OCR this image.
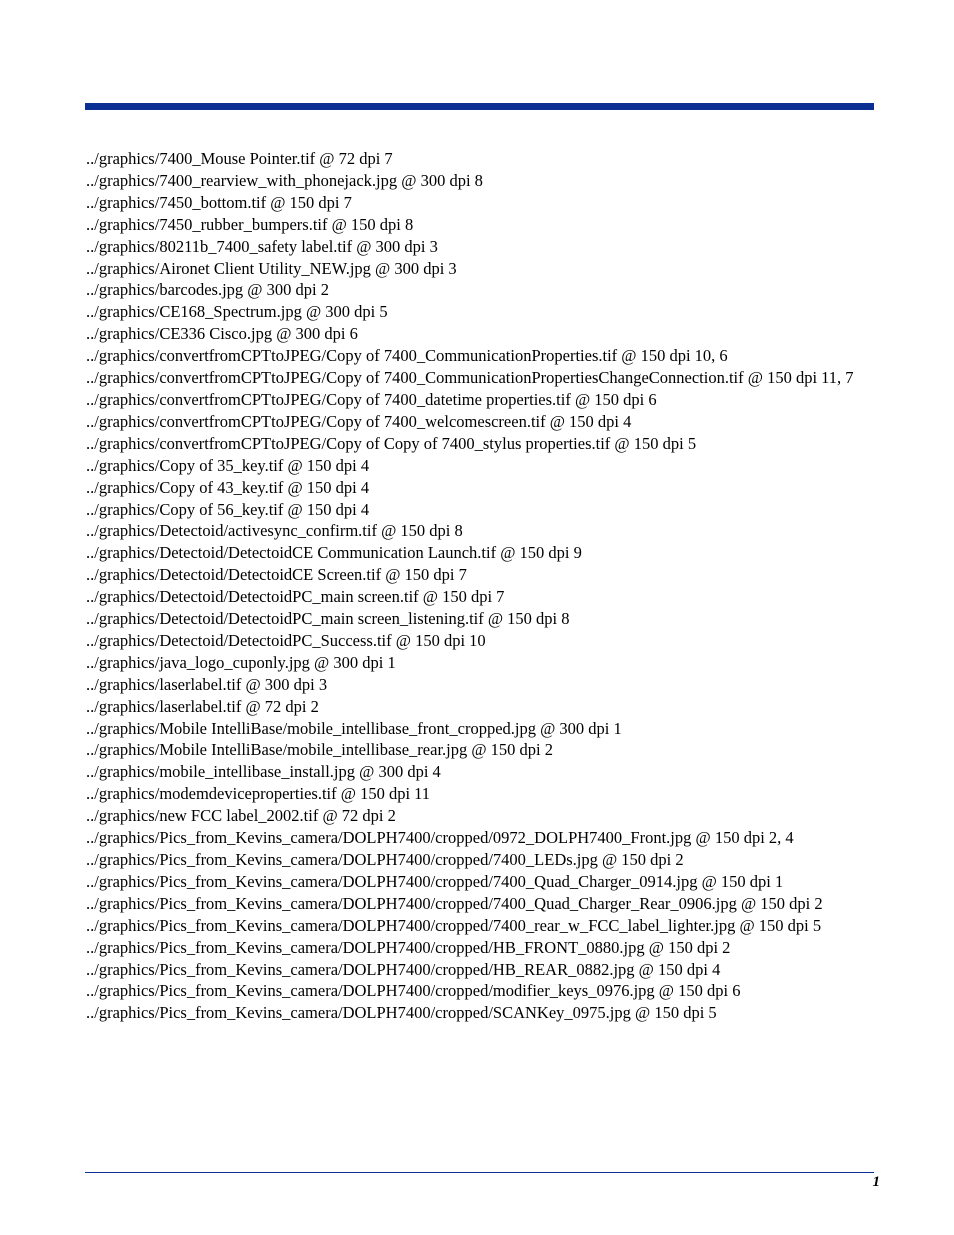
../graphics/7400_Mouse Pointer.tif @ 72 dpi 7
../graphics/7400_rearview_with_phonejack.jpg @ 300 dpi 8
../graphics/7450_bottom.tif @ 150 dpi 7
../graphics/7450_rubber_bumpers.tif @ 150 dpi 8
../graphics/80211b_7400_safety label.tif @ 300 dpi 3
../graphics/Aironet Client Utility_NEW.jpg @ 300 dpi 3
../graphics/barcodes.jpg @ 300 dpi 2
../graphics/CE168_Spectrum.jpg @ 300 dpi 5
../graphics/CE336 Cisco.jpg @ 300 dpi 6
../graphics/convertfromCPTtoJPEG/Copy of 7400_CommunicationProperties.tif @ 150 dpi 10, 6
../graphics/convertfromCPTtoJPEG/Copy of 7400_CommunicationPropertiesChangeConnection.tif @ 150 dpi 11, 7
../graphics/convertfromCPTtoJPEG/Copy of 7400_datetime properties.tif @ 150 dpi 6
../graphics/convertfromCPTtoJPEG/Copy of 7400_welcomescreen.tif @ 150 dpi 4
../graphics/convertfromCPTtoJPEG/Copy of Copy of 7400_stylus properties.tif @ 150 dpi 5
../graphics/Copy of 35_key.tif @ 150 dpi 4
../graphics/Copy of 43_key.tif @ 150 dpi 4
../graphics/Copy of 56_key.tif @ 150 dpi 4
../graphics/Detectoid/activesync_confirm.tif @ 150 dpi 8
../graphics/Detectoid/DetectoidCE Communication Launch.tif @ 150 dpi 9
../graphics/Detectoid/DetectoidCE Screen.tif @ 150 dpi 7
../graphics/Detectoid/DetectoidPC_main screen.tif @ 150 dpi 7
../graphics/Detectoid/DetectoidPC_main screen_listening.tif @ 150 dpi 8
../graphics/Detectoid/DetectoidPC_Success.tif @ 150 dpi 10
../graphics/java_logo_cuponly.jpg @ 300 dpi 1
../graphics/laserlabel.tif @ 300 dpi 3
../graphics/laserlabel.tif @ 72 dpi 2
../graphics/Mobile IntelliBase/mobile_intellibase_front_cropped.jpg @ 300 dpi 1
../graphics/Mobile IntelliBase/mobile_intellibase_rear.jpg @ 150 dpi 2
../graphics/mobile_intellibase_install.jpg @ 300 dpi 4
../graphics/modemdeviceproperties.tif @ 150 dpi 11
../graphics/new FCC label_2002.tif @ 72 dpi 2
../graphics/Pics_from_Kevins_camera/DOLPH7400/cropped/0972_DOLPH7400_Front.jpg @ 150 dpi 2, 4
../graphics/Pics_from_Kevins_camera/DOLPH7400/cropped/7400_LEDs.jpg @ 150 dpi 2
../graphics/Pics_from_Kevins_camera/DOLPH7400/cropped/7400_Quad_Charger_0914.jpg @ 150 dpi 1
../graphics/Pics_from_Kevins_camera/DOLPH7400/cropped/7400_Quad_Charger_Rear_0906.jpg @ 150 dpi 2
../graphics/Pics_from_Kevins_camera/DOLPH7400/cropped/7400_rear_w_FCC_label_lighter.jpg @ 150 dpi 5
../graphics/Pics_from_Kevins_camera/DOLPH7400/cropped/HB_FRONT_0880.jpg @ 150 dpi 2
../graphics/Pics_from_Kevins_camera/DOLPH7400/cropped/HB_REAR_0882.jpg @ 150 dpi 4
../graphics/Pics_from_Kevins_camera/DOLPH7400/cropped/modifier_keys_0976.jpg @ 150 dpi 6
../graphics/Pics_from_Kevins_camera/DOLPH7400/cropped/SCANKey_0975.jpg @ 150 dpi 5
1
